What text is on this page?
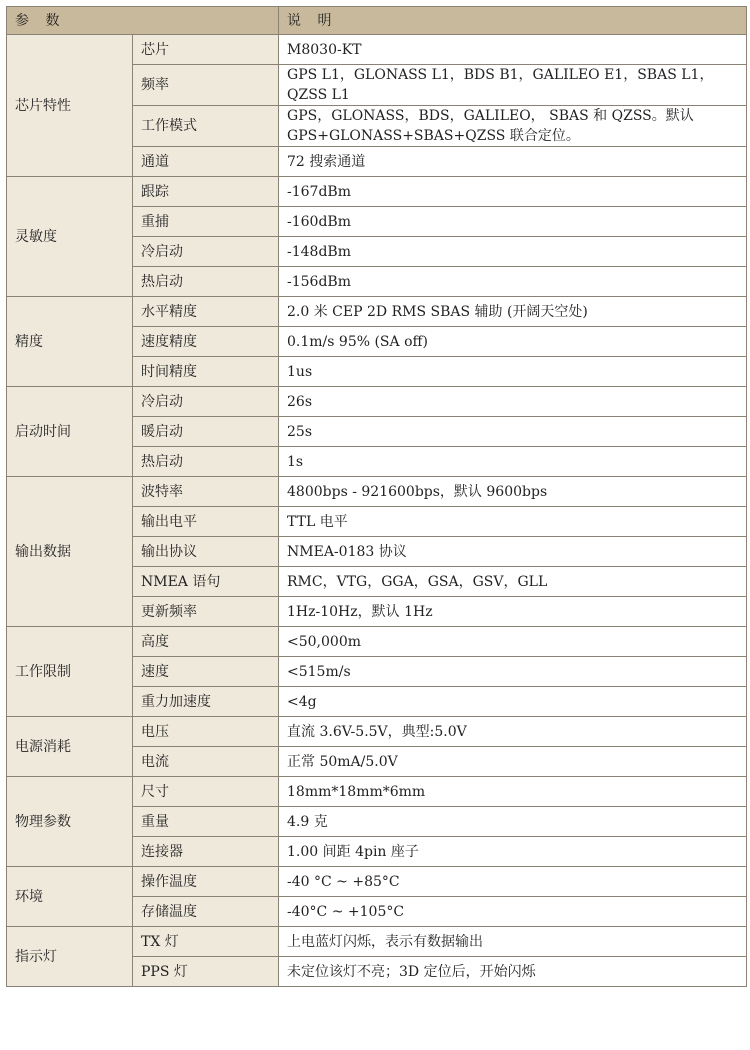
参 数		说 明
芯片特性	芯片	M8030-KT
	频率	GPS L1，GLONASS L1，BDS B1，GALILEO E1，SBAS L1，QZSS L1
	工作模式	GPS，GLONASS，BDS，GALILEO， SBAS 和 QZSS。默认 GPS+GLONASS+SBAS+QZSS 联合定位。
	通道	72 搜索通道
灵敏度	跟踪	-167dBm
	重捕	-160dBm
	冷启动	-148dBm
	热启动	-156dBm
精度	水平精度	2.0 米 CEP 2D RMS SBAS 辅助 (开阔天空处)
	速度精度	0.1m/s 95% (SA off)
	时间精度	1us
启动时间	冷启动	26s
	暖启动	25s
	热启动	1s
输出数据	波特率	4800bps - 921600bps，默认 9600bps
	输出电平	TTL 电平
	输出协议	NMEA-0183 协议
	NMEA 语句	RMC，VTG，GGA，GSA，GSV，GLL
	更新频率	1Hz-10Hz，默认 1Hz
工作限制	高度	<50,000m
	速度	<515m/s
	重力加速度	<4g
电源消耗	电压	直流 3.6V-5.5V，典型:5.0V
	电流	正常 50mA/5.0V
物理参数	尺寸	18mm*18mm*6mm
	重量	4.9 克
	连接器	1.00 间距 4pin 座子
环境	操作温度	-40 °C ~ +85°C
	存储温度	-40°C ~ +105°C
指示灯	TX 灯	上电蓝灯闪烁，表示有数据输出
	PPS 灯	未定位该灯不亮；3D 定位后，开始闪烁
